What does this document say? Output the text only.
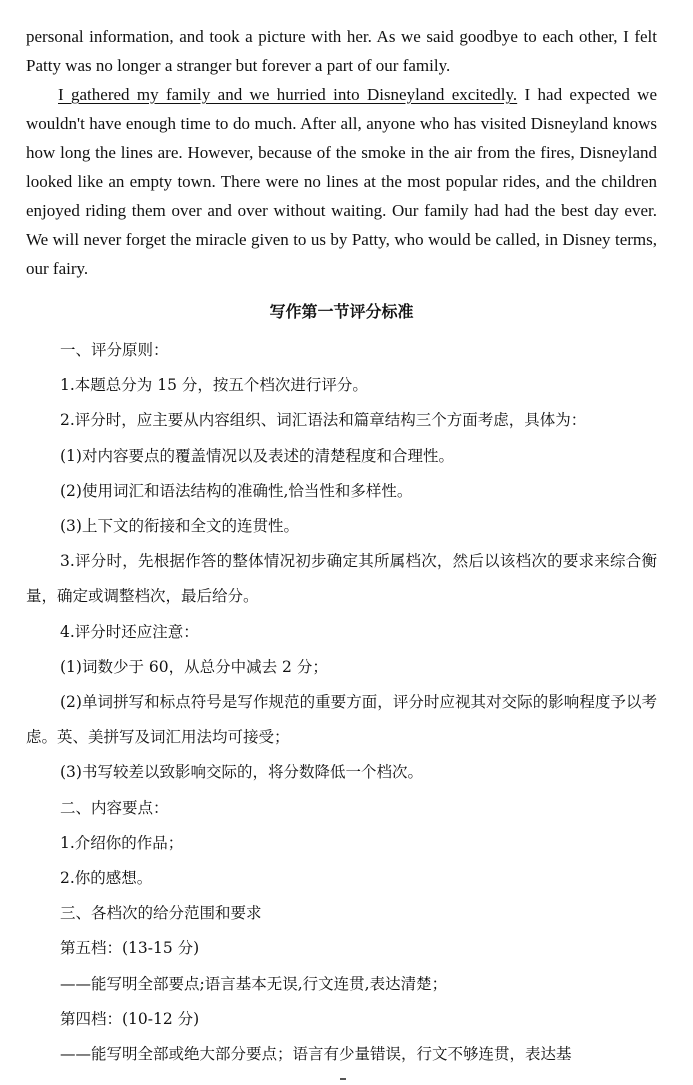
personal information, and took a picture with her. As we said goodbye to each other, I felt Patty was no longer a stranger but forever a part of our family.

I gathered my family and we hurried into Disneyland excitedly. I had expected we wouldn't have enough time to do much. After all, anyone who has visited Disneyland knows how long the lines are. However, because of the smoke in the air from the fires, Disneyland looked like an empty town. There were no lines at the most popular rides, and the children enjoyed riding them over and over without waiting. Our family had had the best day ever. We will never forget the miracle given to us by Patty, who would be called, in Disney terms, our fairy.

写作第一节评分标准

一、评分原则：

1.本题总分为 15 分，按五个档次进行评分。

2.评分时，应主要从内容组织、词汇语法和篇章结构三个方面考虑，具体为：

(1)对内容要点的覆盖情况以及表述的清楚程度和合理性。

(2)使用词汇和语法结构的准确性,恰当性和多样性。

(3)上下文的衔接和全文的连贯性。

3.评分时，先根据作答的整体情况初步确定其所属档次，然后以该档次的要求来综合衡量，确定或调整档次，最后给分。

4.评分时还应注意：

(1)词数少于 60，从总分中减去 2 分；

(2)单词拼写和标点符号是写作规范的重要方面，评分时应视其对交际的影响程度予以考虑。英、美拼写及词汇用法均可接受；

(3)书写较差以致影响交际的，将分数降低一个档次。

二、内容要点：

1.介绍你的作品；

2.你的感想。

三、各档次的给分范围和要求

第五档：(13-15 分)

——能写明全部要点;语言基本无误,行文连贯,表达清楚；

第四档：(10-12 分)

——能写明全部或绝大部分要点；语言有少量错误，行文不够连贯，表达基
